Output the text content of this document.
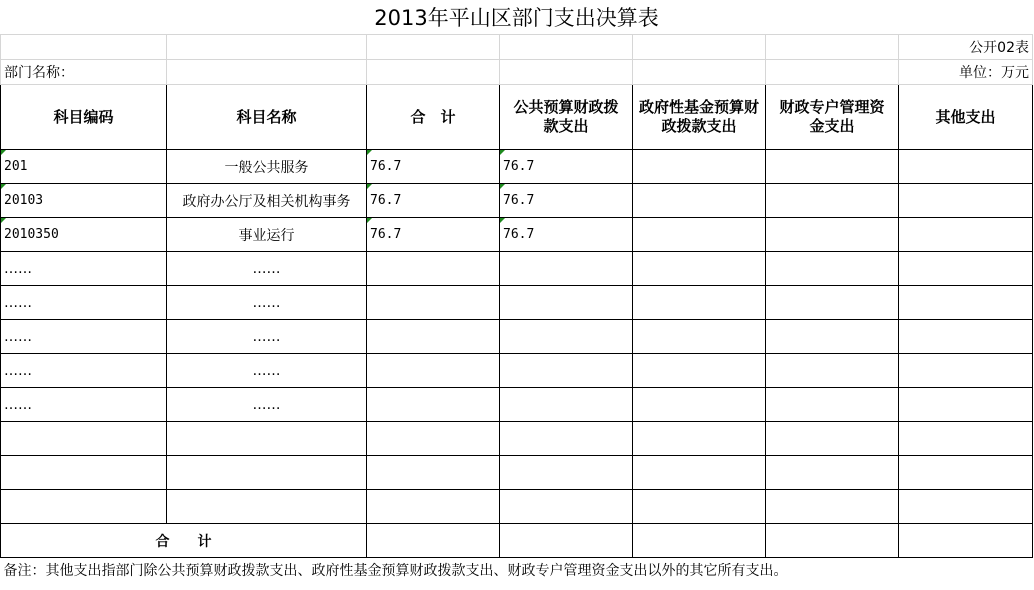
2013年平山区部门支出决算表						
						公开02表
部门名称：						单位：万元
科目编码	科目名称	合　计	公共预算财政拨款支出	政府性基金预算财政拨款支出	财政专户管理资金支出	其他支出
201	一般公共服务	76.7	76.7			
20103	政府办公厅及相关机构事务	76.7	76.7			
2010350	事业运行	76.7	76.7			
……	……					
……	……					
……	……					
……	……					
……	……					

合　　计						
备注：其他支出指部门除公共预算财政拨款支出、政府性基金预算财政拨款支出、财政专户管理资金支出以外的其它所有支出。						
